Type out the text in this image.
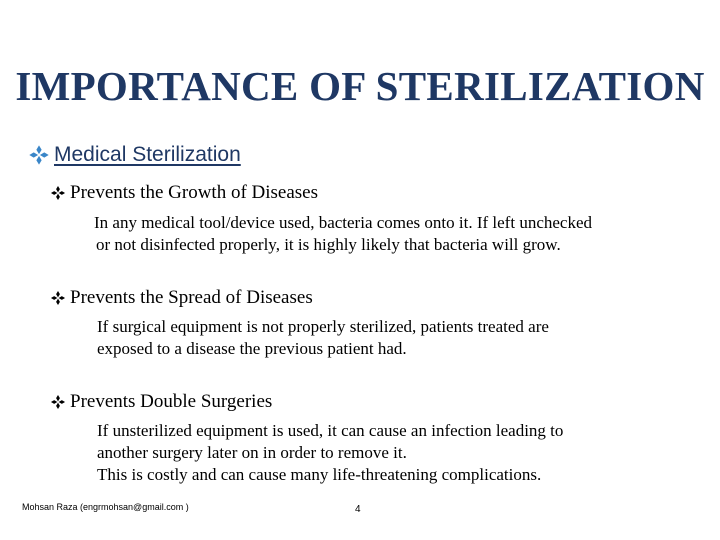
IMPORTANCE OF STERILIZATION
Medical Sterilization
Prevents the Growth of Diseases
In any medical tool/device used, bacteria comes onto it. If left unchecked
or not disinfected properly, it is highly likely that bacteria will grow.
Prevents the Spread of Diseases
If surgical equipment is not properly sterilized, patients treated are
exposed to a disease the previous patient had.
Prevents Double Surgeries
If unsterilized equipment is used, it can cause an infection leading to
another surgery later on in order to remove it.
This is costly and can cause many life-threatening complications.
Mohsan Raza (engrmohsan@gmail.com )	4
